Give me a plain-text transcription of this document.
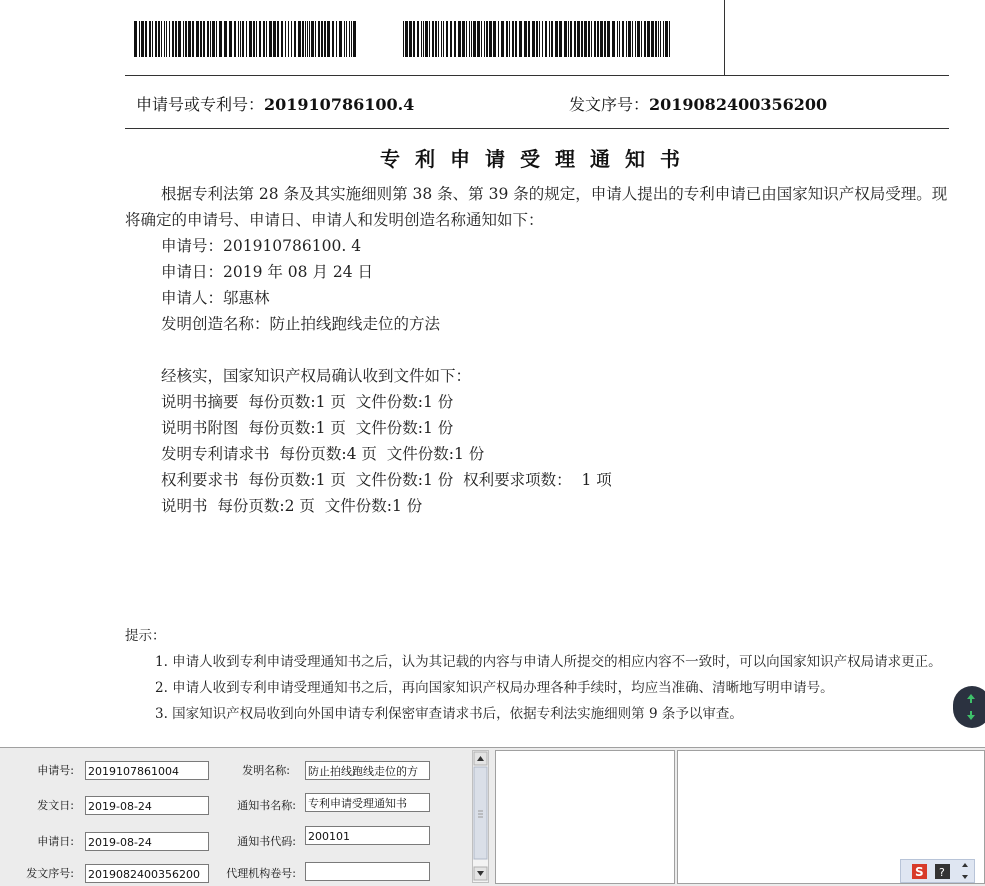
申请号或专利号：201910786100.4	发文序号：2019082400356200
专利申请受理通知书

根据专利法第 28 条及其实施细则第 38 条、第 39 条的规定，申请人提出的专利申请已由国家知识产权局受理。现将确定的申请号、申请日、申请人和发明创造名称通知如下：

申请号：201910786100. 4

申请日：2019 年 08 月 24 日

申请人：邬惠林

发明创造名称：防止拍线跑线走位的方法

经核实，国家知识产权局确认收到文件如下：

说明书摘要  每份页数:1 页  文件份数:1 份

说明书附图  每份页数:1 页  文件份数:1 份

发明专利请求书  每份页数:4 页  文件份数:1 份

权利要求书  每份页数:1 页  文件份数:1 份  权利要求项数：  1 项

说明书  每份页数:2 页  文件份数:1 份

提示：

1. 申请人收到专利申请受理通知书之后，认为其记载的内容与申请人所提交的相应内容不一致时，可以向国家知识产权局请求更正。

2. 申请人收到专利申请受理通知书之后，再向国家知识产权局办理各种手续时，均应当准确、清晰地写明申请号。

3. 国家知识产权局收到向外国申请专利保密审查请求书后，依据专利法实施细则第 9 条予以审查。

申请号: 2019107861004	发明名称: 防止拍线跑线走位的方
发文日: 2019-08-24	通知书名称: 专利申请受理通知书
申请日: 2019-08-24	通知书代码: 200101
发文序号: 2019082400356200	代理机构卷号:	S ?
